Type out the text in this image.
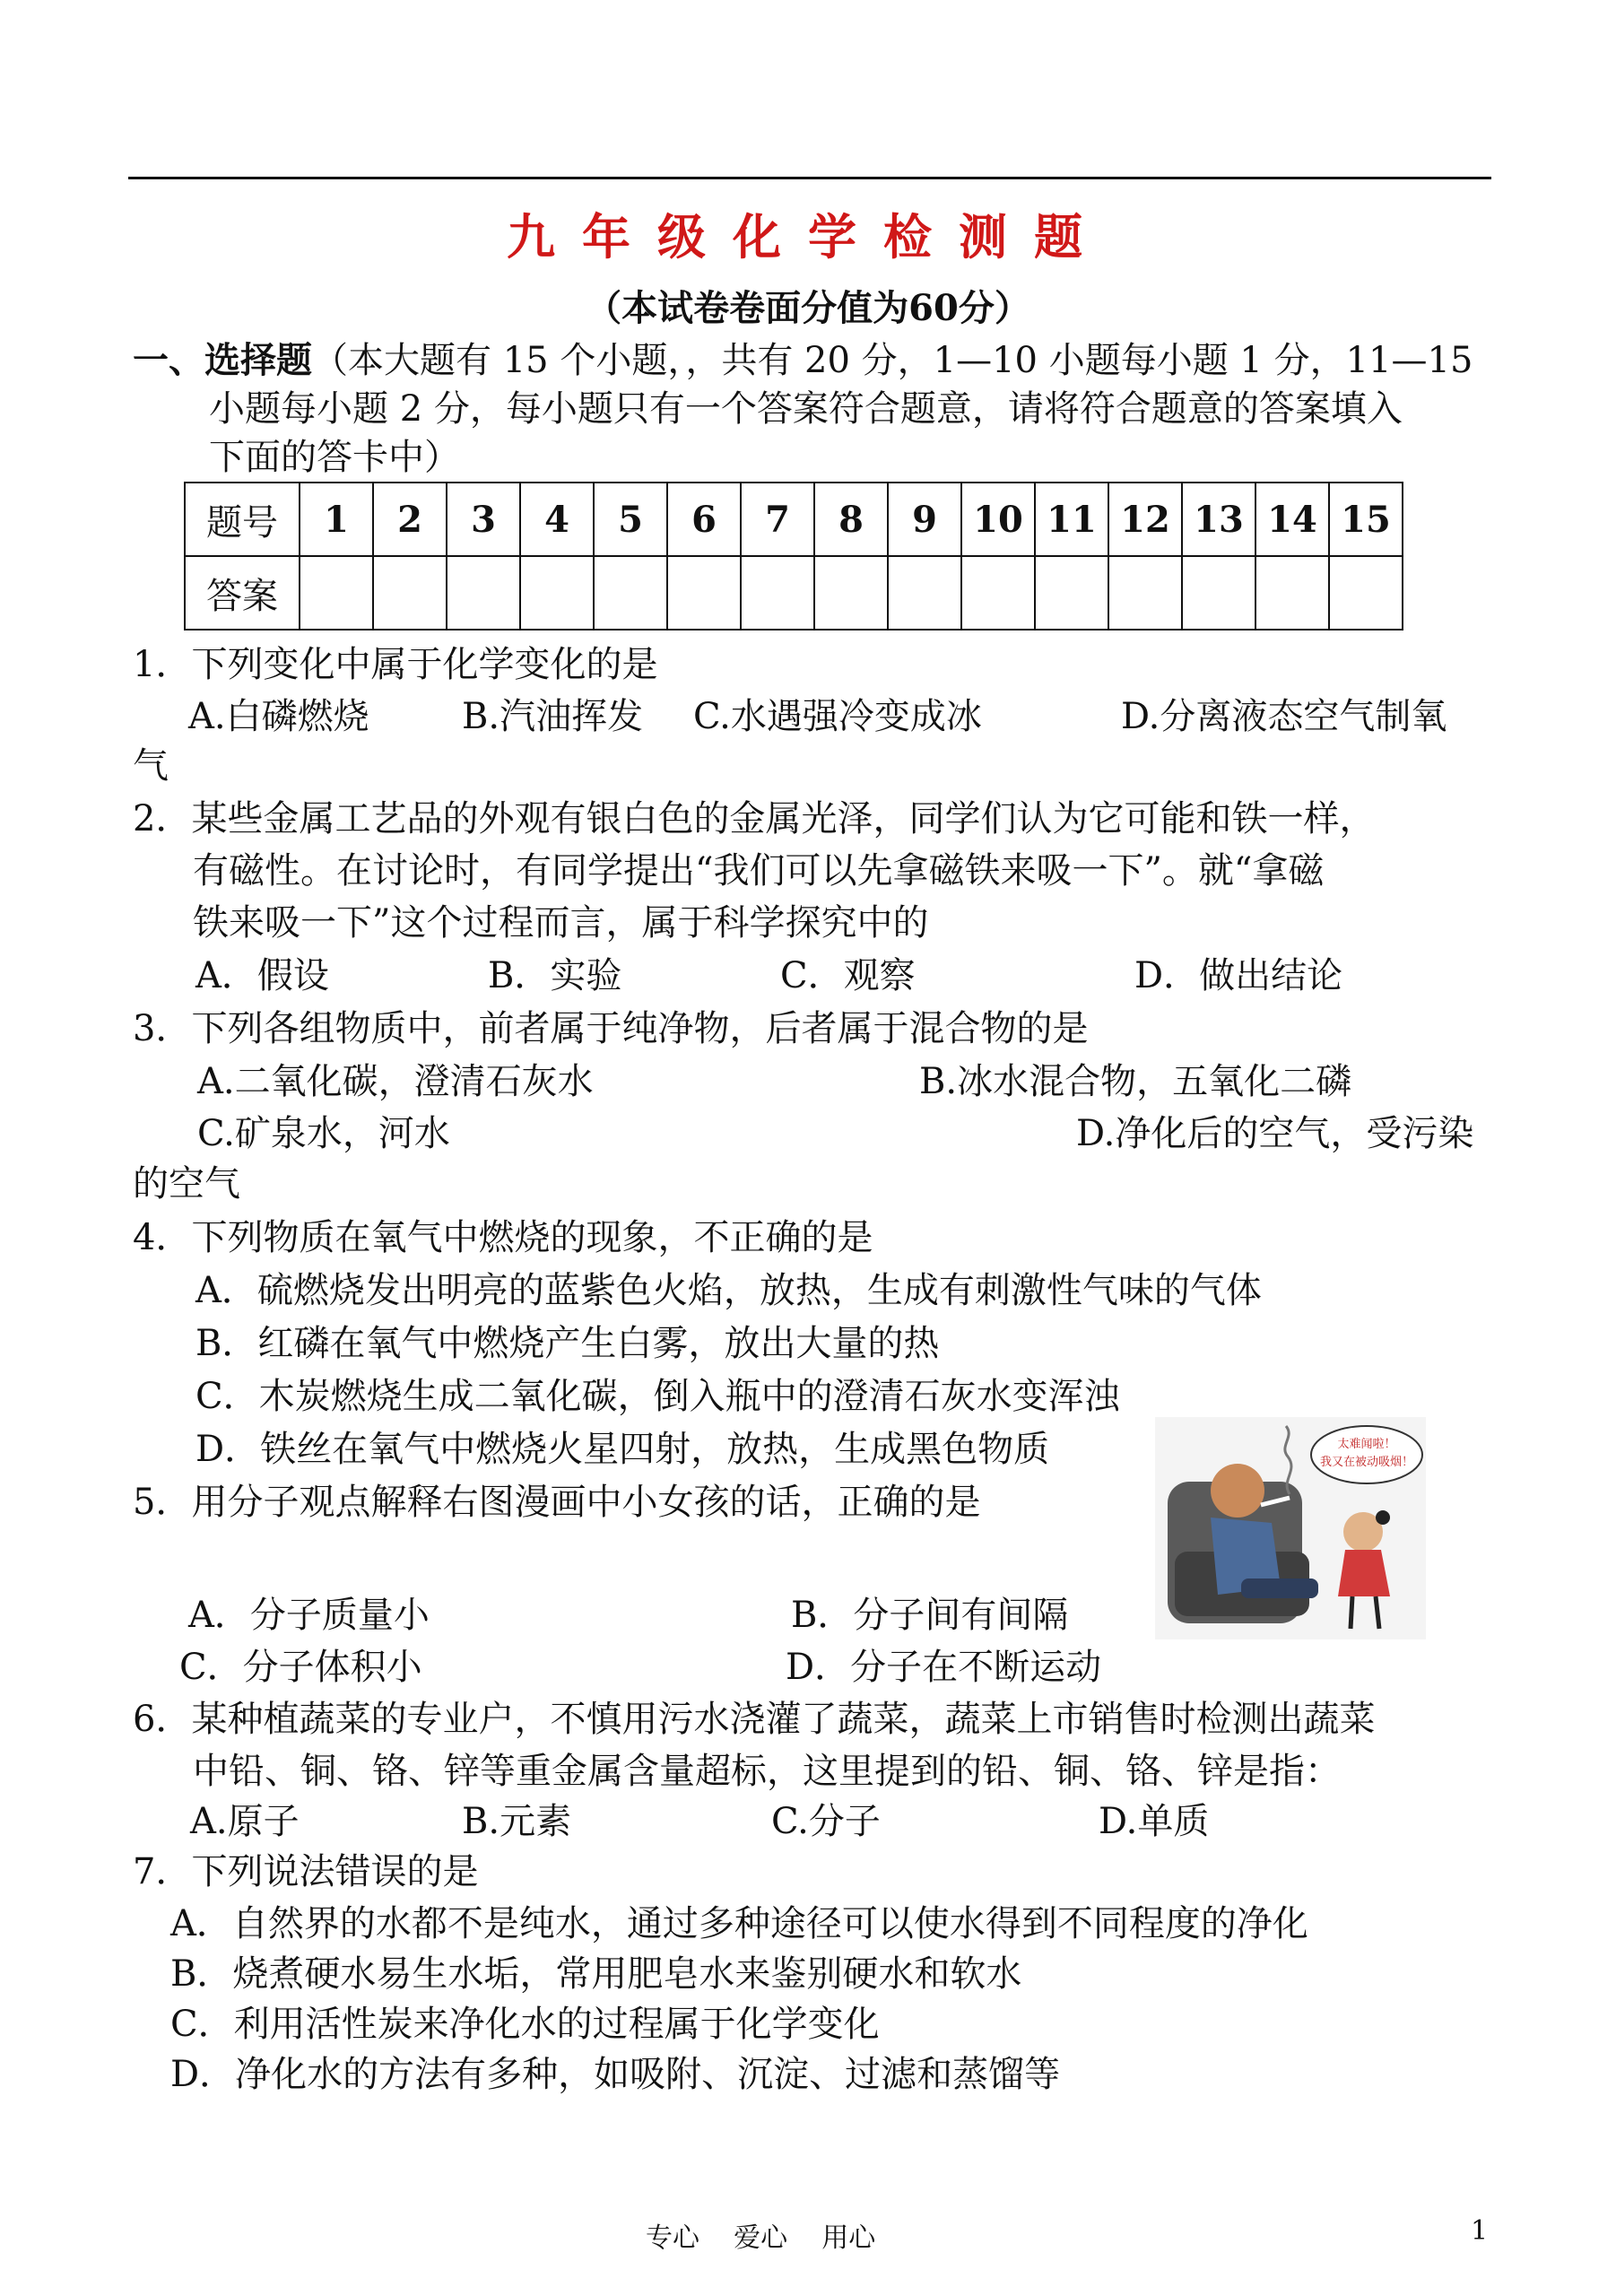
九年级化学检测题
（本试卷卷面分值为60分）
一、选择题（本大题有 15 个小题，，共有 20 分，1—10 小题每小题 1 分，11—15
小题每小题 2 分，每小题只有一个答案符合题意，请将符合题意的答案填入
下面的答卡中）
题号	1	2	3	4	5	6	7	8	9	10	11	12	13	14	15
答案															
1．下列变化中属于化学变化的是
A.白磷燃烧	B.汽油挥发 C.水遇强冷变成冰	D.分离液态空气制氧
气
2．某些金属工艺品的外观有银白色的金属光泽，同学们认为它可能和铁一样，
有磁性。在讨论时，有同学提出“我们可以先拿磁铁来吸一下”。就“拿磁
铁来吸一下”这个过程而言，属于科学探究中的
A．假设	B．实验	C．观察	D．做出结论
3．下列各组物质中，前者属于纯净物，后者属于混合物的是
A.二氧化碳，澄清石灰水	B.冰水混合物，五氧化二磷
C.矿泉水，河水	D.净化后的空气，受污染
的空气
4．下列物质在氧气中燃烧的现象，不正确的是
A．硫燃烧发出明亮的蓝紫色火焰，放热，生成有刺激性气味的气体
B．红磷在氧气中燃烧产生白雾，放出大量的热
C．木炭燃烧生成二氧化碳，倒入瓶中的澄清石灰水变浑浊
D．铁丝在氧气中燃烧火星四射，放热，生成黑色物质
5．用分子观点解释右图漫画中小女孩的话，正确的是
太难闻啦！
我又在被动吸烟！
A．分子质量小	B．分子间有间隔
C．分子体积小	D．分子在不断运动
6．某种植蔬菜的专业户，不慎用污水浇灌了蔬菜，蔬菜上市销售时检测出蔬菜
中铅、铜、铬、锌等重金属含量超标，这里提到的铅、铜、铬、锌是指：
A.原子	B.元素	C.分子	D.单质
7．下列说法错误的是
A．自然界的水都不是纯水，通过多种途径可以使水得到不同程度的净化
B．烧煮硬水易生水垢，常用肥皂水来鉴别硬水和软水
C．利用活性炭来净化水的过程属于化学变化
D．净化水的方法有多种，如吸附、沉淀、过滤和蒸馏等
专心    爱心    用心	1
